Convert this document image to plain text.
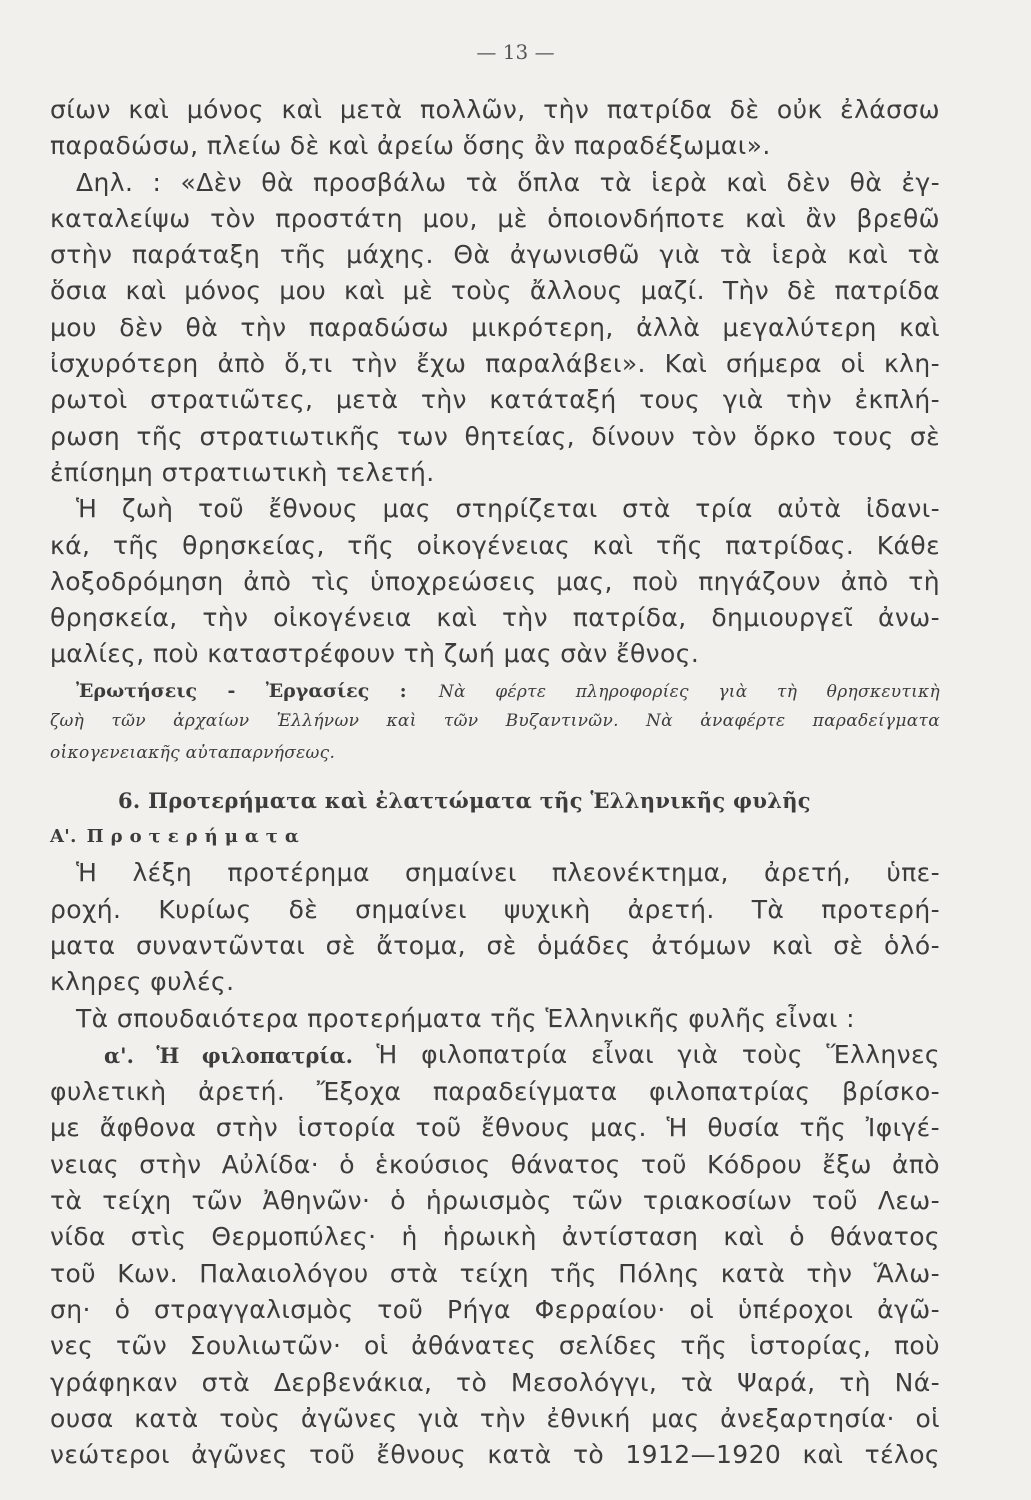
— 13 —
σίων καὶ μόνος καὶ μετὰ πολλῶν, τὴν πατρίδα δὲ οὐκ ἐλάσσω
παραδώσω, πλείω δὲ καὶ ἀρείω ὅσης ἂν παραδέξωμαι».
Δηλ. : «Δὲν θὰ προσβάλω τὰ ὅπλα τὰ ἱερὰ καὶ δὲν θὰ ἐγ-
καταλείψω τὸν προστάτη μου, μὲ ὁποιονδήποτε καὶ ἂν βρεθῶ
στὴν παράταξη τῆς μάχης. Θὰ ἀγωνισθῶ γιὰ τὰ ἱερὰ καὶ τὰ
ὅσια καὶ μόνος μου καὶ μὲ τοὺς ἄλλους μαζί. Τὴν δὲ πατρίδα
μου δὲν θὰ τὴν παραδώσω μικρότερη, ἀλλὰ μεγαλύτερη καὶ
ἰσχυρότερη ἀπὸ ὅ,τι τὴν ἔχω παραλάβει». Καὶ σήμερα οἱ κλη-
ρωτοὶ στρατιῶτες, μετὰ τὴν κατάταξή τους γιὰ τὴν ἐκπλή-
ρωση τῆς στρατιωτικῆς των θητείας, δίνουν τὸν ὅρκο τους σὲ
ἐπίσημη στρατιωτικὴ τελετή.
Ἡ ζωὴ τοῦ ἔθνους μας στηρίζεται στὰ τρία αὐτὰ ἰδανι-
κά, τῆς θρησκείας, τῆς οἰκογένειας καὶ τῆς πατρίδας. Κάθε
λοξοδρόμηση ἀπὸ τὶς ὑποχρεώσεις μας, ποὺ πηγάζουν ἀπὸ τὴ
θρησκεία, τὴν οἰκογένεια καὶ τὴν πατρίδα, δημιουργεῖ ἀνω-
μαλίες, ποὺ καταστρέφουν τὴ ζωή μας σὰν ἔθνος.
Ἐρωτήσεις - Ἐργασίες : Νὰ φέρτε πληροφορίες γιὰ τὴ θρησκευτικὴ
ζωὴ τῶν ἀρχαίων Ἑλλήνων καὶ τῶν Βυζαντινῶν. Νὰ ἀναφέρτε παραδείγματα
οἰκογενειακῆς αὐταπαρνήσεως.
6. Προτερήματα καὶ ἐλαττώματα τῆς Ἑλληνικῆς φυλῆς
Α'. Προτερήματα
Ἡ λέξη προτέρημα σημαίνει πλεονέκτημα, ἀρετή, ὑπε-
ροχή. Κυρίως δὲ σημαίνει ψυχικὴ ἀρετή. Τὰ προτερή-
ματα συναντῶνται σὲ ἄτομα, σὲ ὁμάδες ἀτόμων καὶ σὲ ὁλό-
κληρες φυλές.
Τὰ σπουδαιότερα προτερήματα τῆς Ἑλληνικῆς φυλῆς εἶναι :
α'. Ἡ φιλοπατρία. Ἡ φιλοπατρία εἶναι γιὰ τοὺς Ἕλληνες
φυλετικὴ ἀρετή. Ἔξοχα παραδείγματα φιλοπατρίας βρίσκο-
με ἄφθονα στὴν ἱστορία τοῦ ἔθνους μας. Ἡ θυσία τῆς Ἰφιγέ-
νειας στὴν Αὐλίδα· ὁ ἑκούσιος θάνατος τοῦ Κόδρου ἔξω ἀπὸ
τὰ τείχη τῶν Ἀθηνῶν· ὁ ἡρωισμὸς τῶν τριακοσίων τοῦ Λεω-
νίδα στὶς Θερμοπύλες· ἡ ἡρωικὴ ἀντίσταση καὶ ὁ θάνατος
τοῦ Κων. Παλαιολόγου στὰ τείχη τῆς Πόλης κατὰ τὴν Ἅλω-
ση· ὁ στραγγαλισμὸς τοῦ Ρήγα Φερραίου· οἱ ὑπέροχοι ἀγῶ-
νες τῶν Σουλιωτῶν· οἱ ἀθάνατες σελίδες τῆς ἱστορίας, ποὺ
γράφηκαν στὰ Δερβενάκια, τὸ Μεσολόγγι, τὰ Ψαρά, τὴ Νά-
ουσα κατὰ τοὺς ἀγῶνες γιὰ τὴν ἐθνική μας ἀνεξαρτησία· οἱ
νεώτεροι ἀγῶνες τοῦ ἔθνους κατὰ τὸ 1912—1920 καὶ τέλος
